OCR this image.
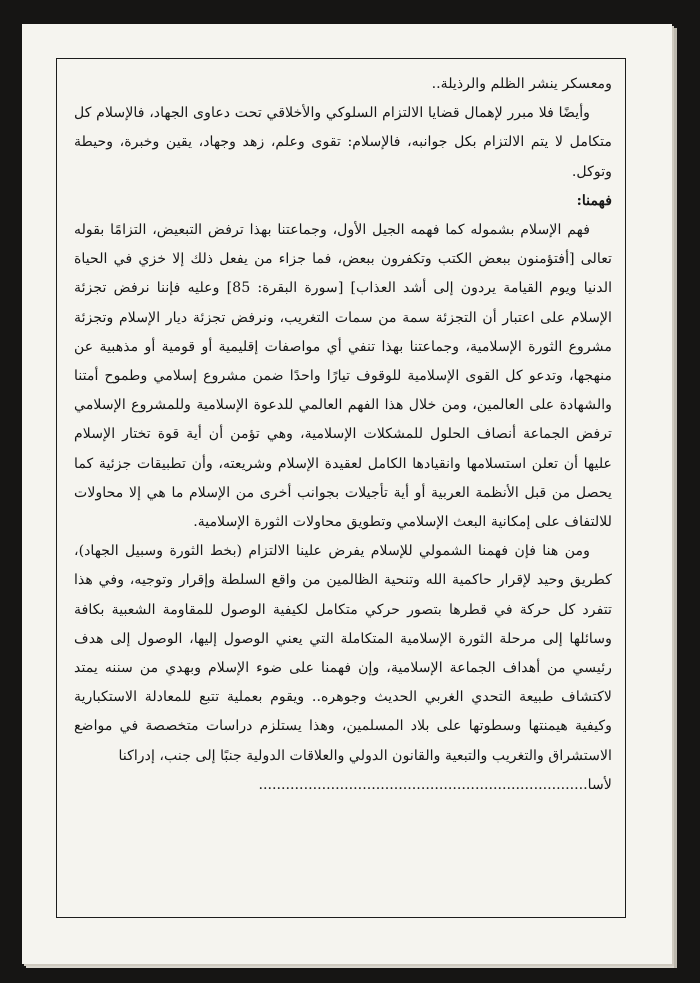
ومعسكر ينشر الظلم والرذيلة..

وأيضًا فلا مبرر لإهمال قضايا الالتزام السلوكي والأخلاقي تحت دعاوى الجهاد، فالإسلام كل متكامل لا يتم الالتزام بكل جوانبه، فالإسلام: تقوى وعلم، زهد وجهاد، يقين وخبرة، وحيطة وتوكل.

فهمنا:

فهم الإسلام بشموله كما فهمه الجيل الأول، وجماعتنا بهذا ترفض التبعيض، التزامًا بقوله تعالى [أفتؤمنون ببعض الكتب وتكفرون ببعض، فما جزاء من يفعل ذلك إلا خزي في الحياة الدنيا ويوم القيامة يردون إلى أشد العذاب] [سورة البقرة: 85] وعليه فإننا نرفض تجزئة الإسلام على اعتبار أن التجزئة سمة من سمات التغريب، ونرفض تجزئة ديار الإسلام وتجزئة مشروع الثورة الإسلامية، وجماعتنا بهذا تنفي أي مواصفات إقليمية أو قومية أو مذهبية عن منهجها، وتدعو كل القوى الإسلامية للوقوف تيارًا واحدًا ضمن مشروع إسلامي وطموح أمتنا والشهادة على العالمين، ومن خلال هذا الفهم العالمي للدعوة الإسلامية وللمشروع الإسلامي ترفض الجماعة أنصاف الحلول للمشكلات الإسلامية، وهي تؤمن أن أية قوة تختار الإسلام عليها أن تعلن استسلامها وانقيادها الكامل لعقيدة الإسلام وشريعته، وأن تطبيقات جزئية كما يحصل من قبل الأنظمة العربية أو أية تأجيلات بجوانب أخرى من الإسلام ما هي إلا محاولات للالتفاف على إمكانية البعث الإسلامي وتطويق محاولات الثورة الإسلامية.

ومن هنا فإن فهمنا الشمولي للإسلام يفرض علينا الالتزام (بخط الثورة وسبيل الجهاد)، كطريق وحيد لإقرار حاكمية الله وتنحية الظالمين من واقع السلطة وإقرار وتوجيه، وفي هذا تتفرد كل حركة في قطرها بتصور حركي متكامل لكيفية الوصول للمقاومة الشعبية بكافة وسائلها إلى مرحلة الثورة الإسلامية المتكاملة التي يعني الوصول إليها، الوصول إلى هدف رئيسي من أهداف الجماعة الإسلامية، وإن فهمنا على ضوء الإسلام وبهدي من سننه يمتد لاكتشاف طبيعة التحدي الغربي الحديث وجوهره.. ويقوم بعملية تتبع للمعادلة الاستكبارية وكيفية هيمنتها وسطوتها على بلاد المسلمين، وهذا يستلزم دراسات متخصصة في مواضع الاستشراق والتغريب والتبعية والقانون الدولي والعلاقات الدولية جنبًا إلى جنب، إدراكنا

لأسا.........................................................................
